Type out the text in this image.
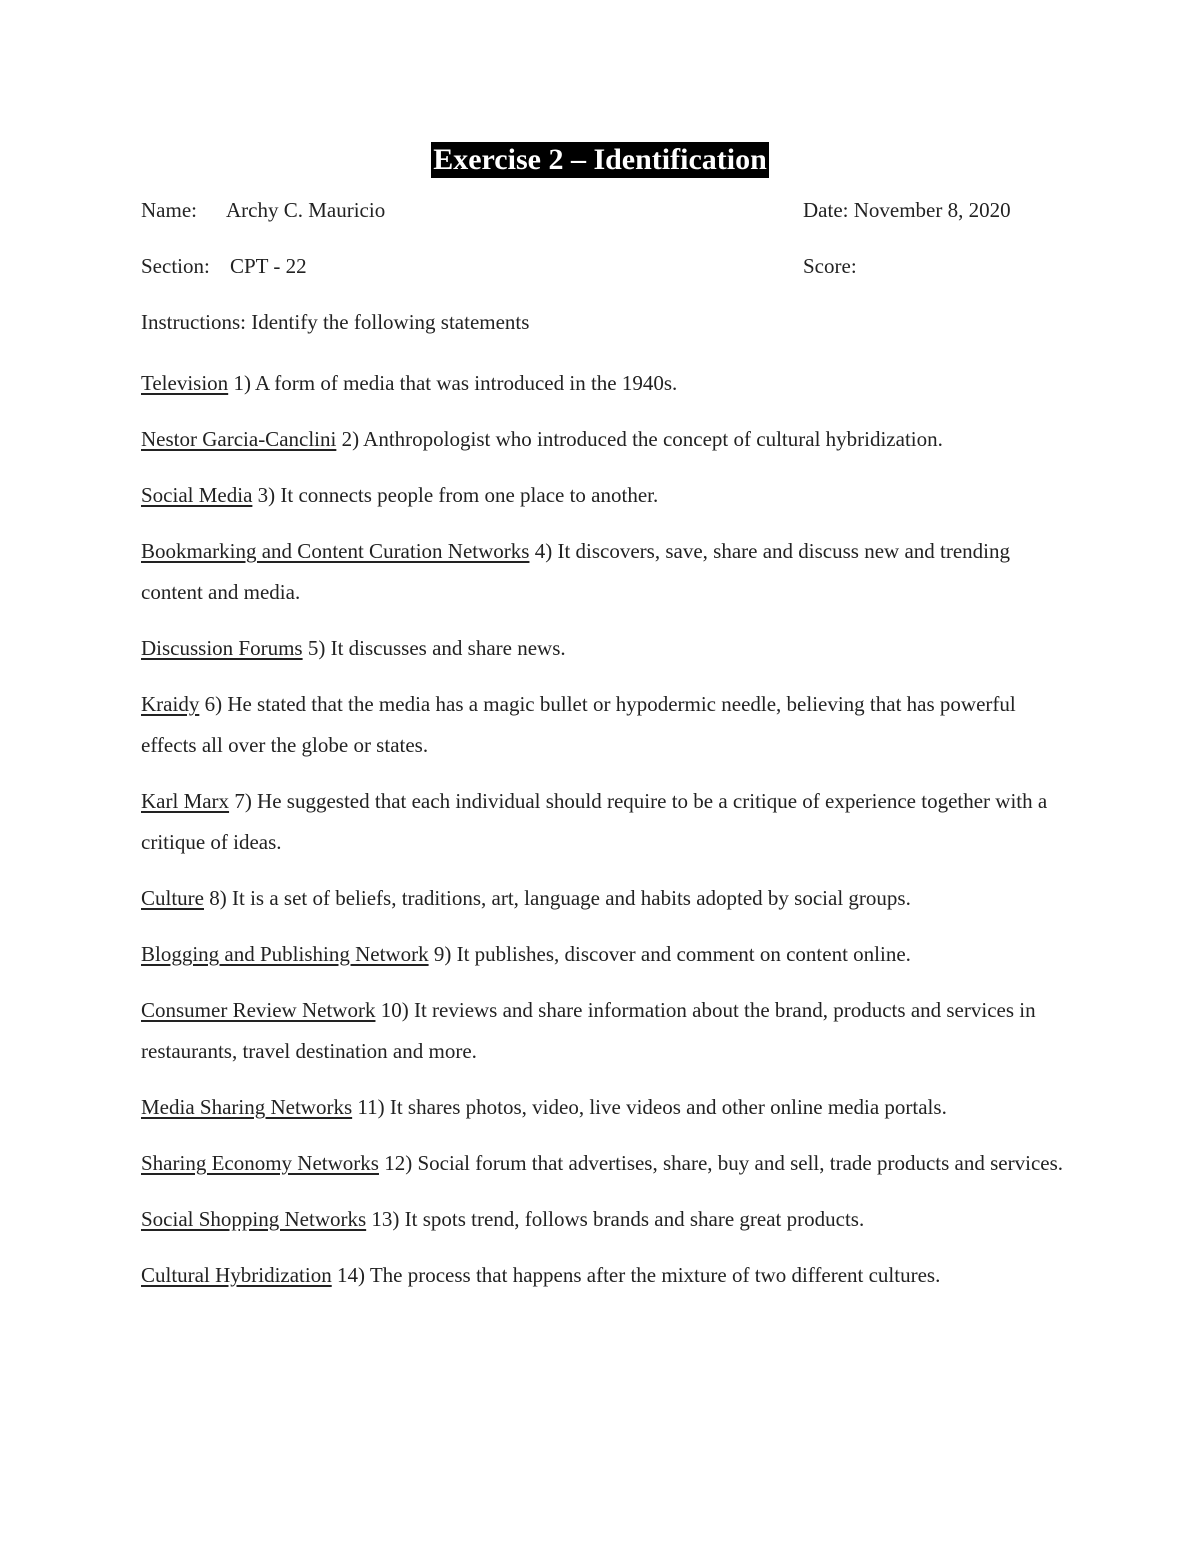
Exercise 2 – Identification
Name: Archy C. Mauricio	Date: November 8, 2020
Section: CPT - 22	Score:
Instructions: Identify the following statements

Television 1) A form of media that was introduced in the 1940s.

Nestor Garcia-Canclini 2) Anthropologist who introduced the concept of cultural hybridization.

Social Media 3) It connects people from one place to another.

Bookmarking and Content Curation Networks 4) It discovers, save, share and discuss new and trending content and media.

Discussion Forums 5) It discusses and share news.

Kraidy 6) He stated that the media has a magic bullet or hypodermic needle, believing that has powerful effects all over the globe or states.

Karl Marx 7) He suggested that each individual should require to be a critique of experience together with a critique of ideas.

Culture 8) It is a set of beliefs, traditions, art, language and habits adopted by social groups.

Blogging and Publishing Network 9) It publishes, discover and comment on content online.

Consumer Review Network 10) It reviews and share information about the brand, products and services in restaurants, travel destination and more.

Media Sharing Networks 11) It shares photos, video, live videos and other online media portals.

Sharing Economy Networks 12) Social forum that advertises, share, buy and sell, trade products and services.

Social Shopping Networks 13) It spots trend, follows brands and share great products.

Cultural Hybridization 14) The process that happens after the mixture of two different cultures.
